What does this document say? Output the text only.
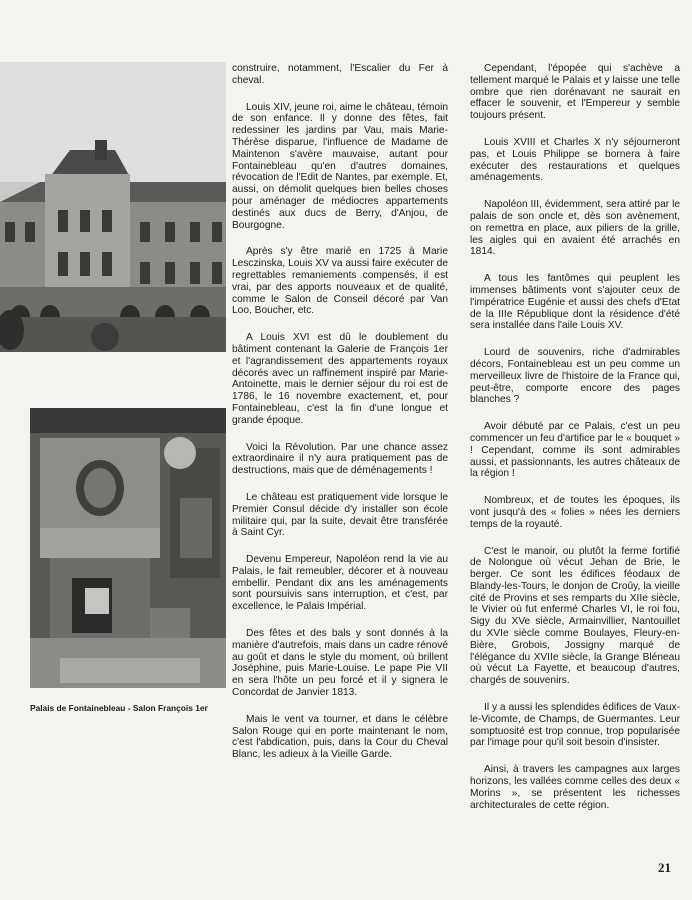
Palais de Fontainebleau - Salon François 1er

construire, notamment, l'Escalier du Fer à cheval.

Louis XIV, jeune roi, aime le château, témoin de son enfance. Il y donne des fêtes, fait redessiner les jardins par Vau, mais Marie-Thérèse disparue, l'influence de Madame de Maintenon s'avère mauvaise, autant pour Fontainebleau qu'en d'autres domaines, révocation de l'Edit de Nantes, par exemple. Et, aussi, on démolit quelques bien belles choses pour aménager de médiocres appartements destinés aux ducs de Berry, d'Anjou, de Bourgogne.

Après s'y être marié en 1725 à Marie Lesczinska, Louis XV va aussi faire exécuter de regrettables remaniements compensés, il est vrai, par des apports nouveaux et de qualité, comme le Salon de Conseil décoré par Van Loo, Boucher, etc.

A Louis XVI est dû le doublement du bâtiment contenant la Galerie de François 1er et l'agrandissement des appartements royaux décorés avec un raffinement inspiré par Marie-Antoinette, mais le dernier séjour du roi est de 1786, le 16 novembre exactement, et, pour Fontainebleau, c'est la fin d'une longue et grande époque.

Voici la Révolution. Par une chance assez extraordinaire il n'y aura pratiquement pas de destructions, mais que de déménagements !

Le château est pratiquement vide lorsque le Premier Consul décide d'y installer son école militaire qui, par la suite, devait être transférée à Saint Cyr.

Devenu Empereur, Napoléon rend la vie au Palais, le fait remeubler, décorer et à nouveau embellir. Pendant dix ans les aménagements sont poursuivis sans interruption, et c'est, par excellence, le Palais Impérial.

Des fêtes et des bals y sont donnés à la manière d'autrefois, mais dans un cadre rénové au goût et dans le style du moment, où brillent Joséphine, puis Marie-Louise. Le pape Pie VII en sera l'hôte un peu forcé et il y signera le Concordat de Janvier 1813.

Mais le vent va tourner, et dans le célèbre Salon Rouge qui en porte maintenant le nom, c'est l'abdication, puis, dans la Cour du Cheval Blanc, les adieux à la Vieille Garde.

Cependant, l'épopée qui s'achève a tellement marqué le Palais et y laisse une telle ombre que rien dorénavant ne saurait en effacer le souvenir, et l'Empereur y semble toujours présent.

Louis XVIII et Charles X n'y séjourneront pas, et Louis Philippe se bornera à faire exécuter des restaurations et quelques aménagements.

Napoléon III, évidemment, sera attiré par le palais de son oncle et, dès son avènement, on remettra en place, aux piliers de la grille, les aigles qui en avaient été arrachés en 1814.

A tous les fantômes qui peuplent les immenses bâtiments vont s'ajouter ceux de l'impératrice Eugénie et aussi des chefs d'Etat de la IIIe République dont la résidence d'été sera installée dans l'aile Louis XV.

Lourd de souvenirs, riche d'admirables décors, Fontainebleau est un peu comme un merveilleux livre de l'histoire de la France qui, peut-être, comporte encore des pages blanches ?

Avoir débuté par ce Palais, c'est un peu commencer un feu d'artifice par le « bouquet » ! Cependant, comme ils sont admirables aussi, et passionnants, les autres châteaux de la région !

Nombreux, et de toutes les époques, ils vont jusqu'à des « folies » nées les derniers temps de la royauté.

C'est le manoir, ou plutôt la ferme fortifié de Nolongue où vécut Jehan de Brie, le berger. Ce sont les édifices féodaux de Blandy-les-Tours, le donjon de Croûy, la vieille cité de Provins et ses remparts du XIIe siècle, le Vivier où fut enfermé Charles VI, le roi fou, Sigy du XVe siècle, Armainvillier, Nantouillet du XVIe siècle comme Boulayes, Fleury-en-Bière, Grobois, Jossigny marqué de l'élégance du XVIIe siècle, la Grange Bléneau où vécut La Fayette, et beaucoup d'autres, chargés de souvenirs.

Il y a aussi les splendides édifices de Vaux-le-Vicomte, de Champs, de Guermantes. Leur somptuosité est trop connue, trop popularisée par l'image pour qu'il soit besoin d'insister.

Ainsi, à travers les campagnes aux larges horizons, les vallées comme celles des deux « Morins », se présentent les richesses architecturales de cette région.

21
